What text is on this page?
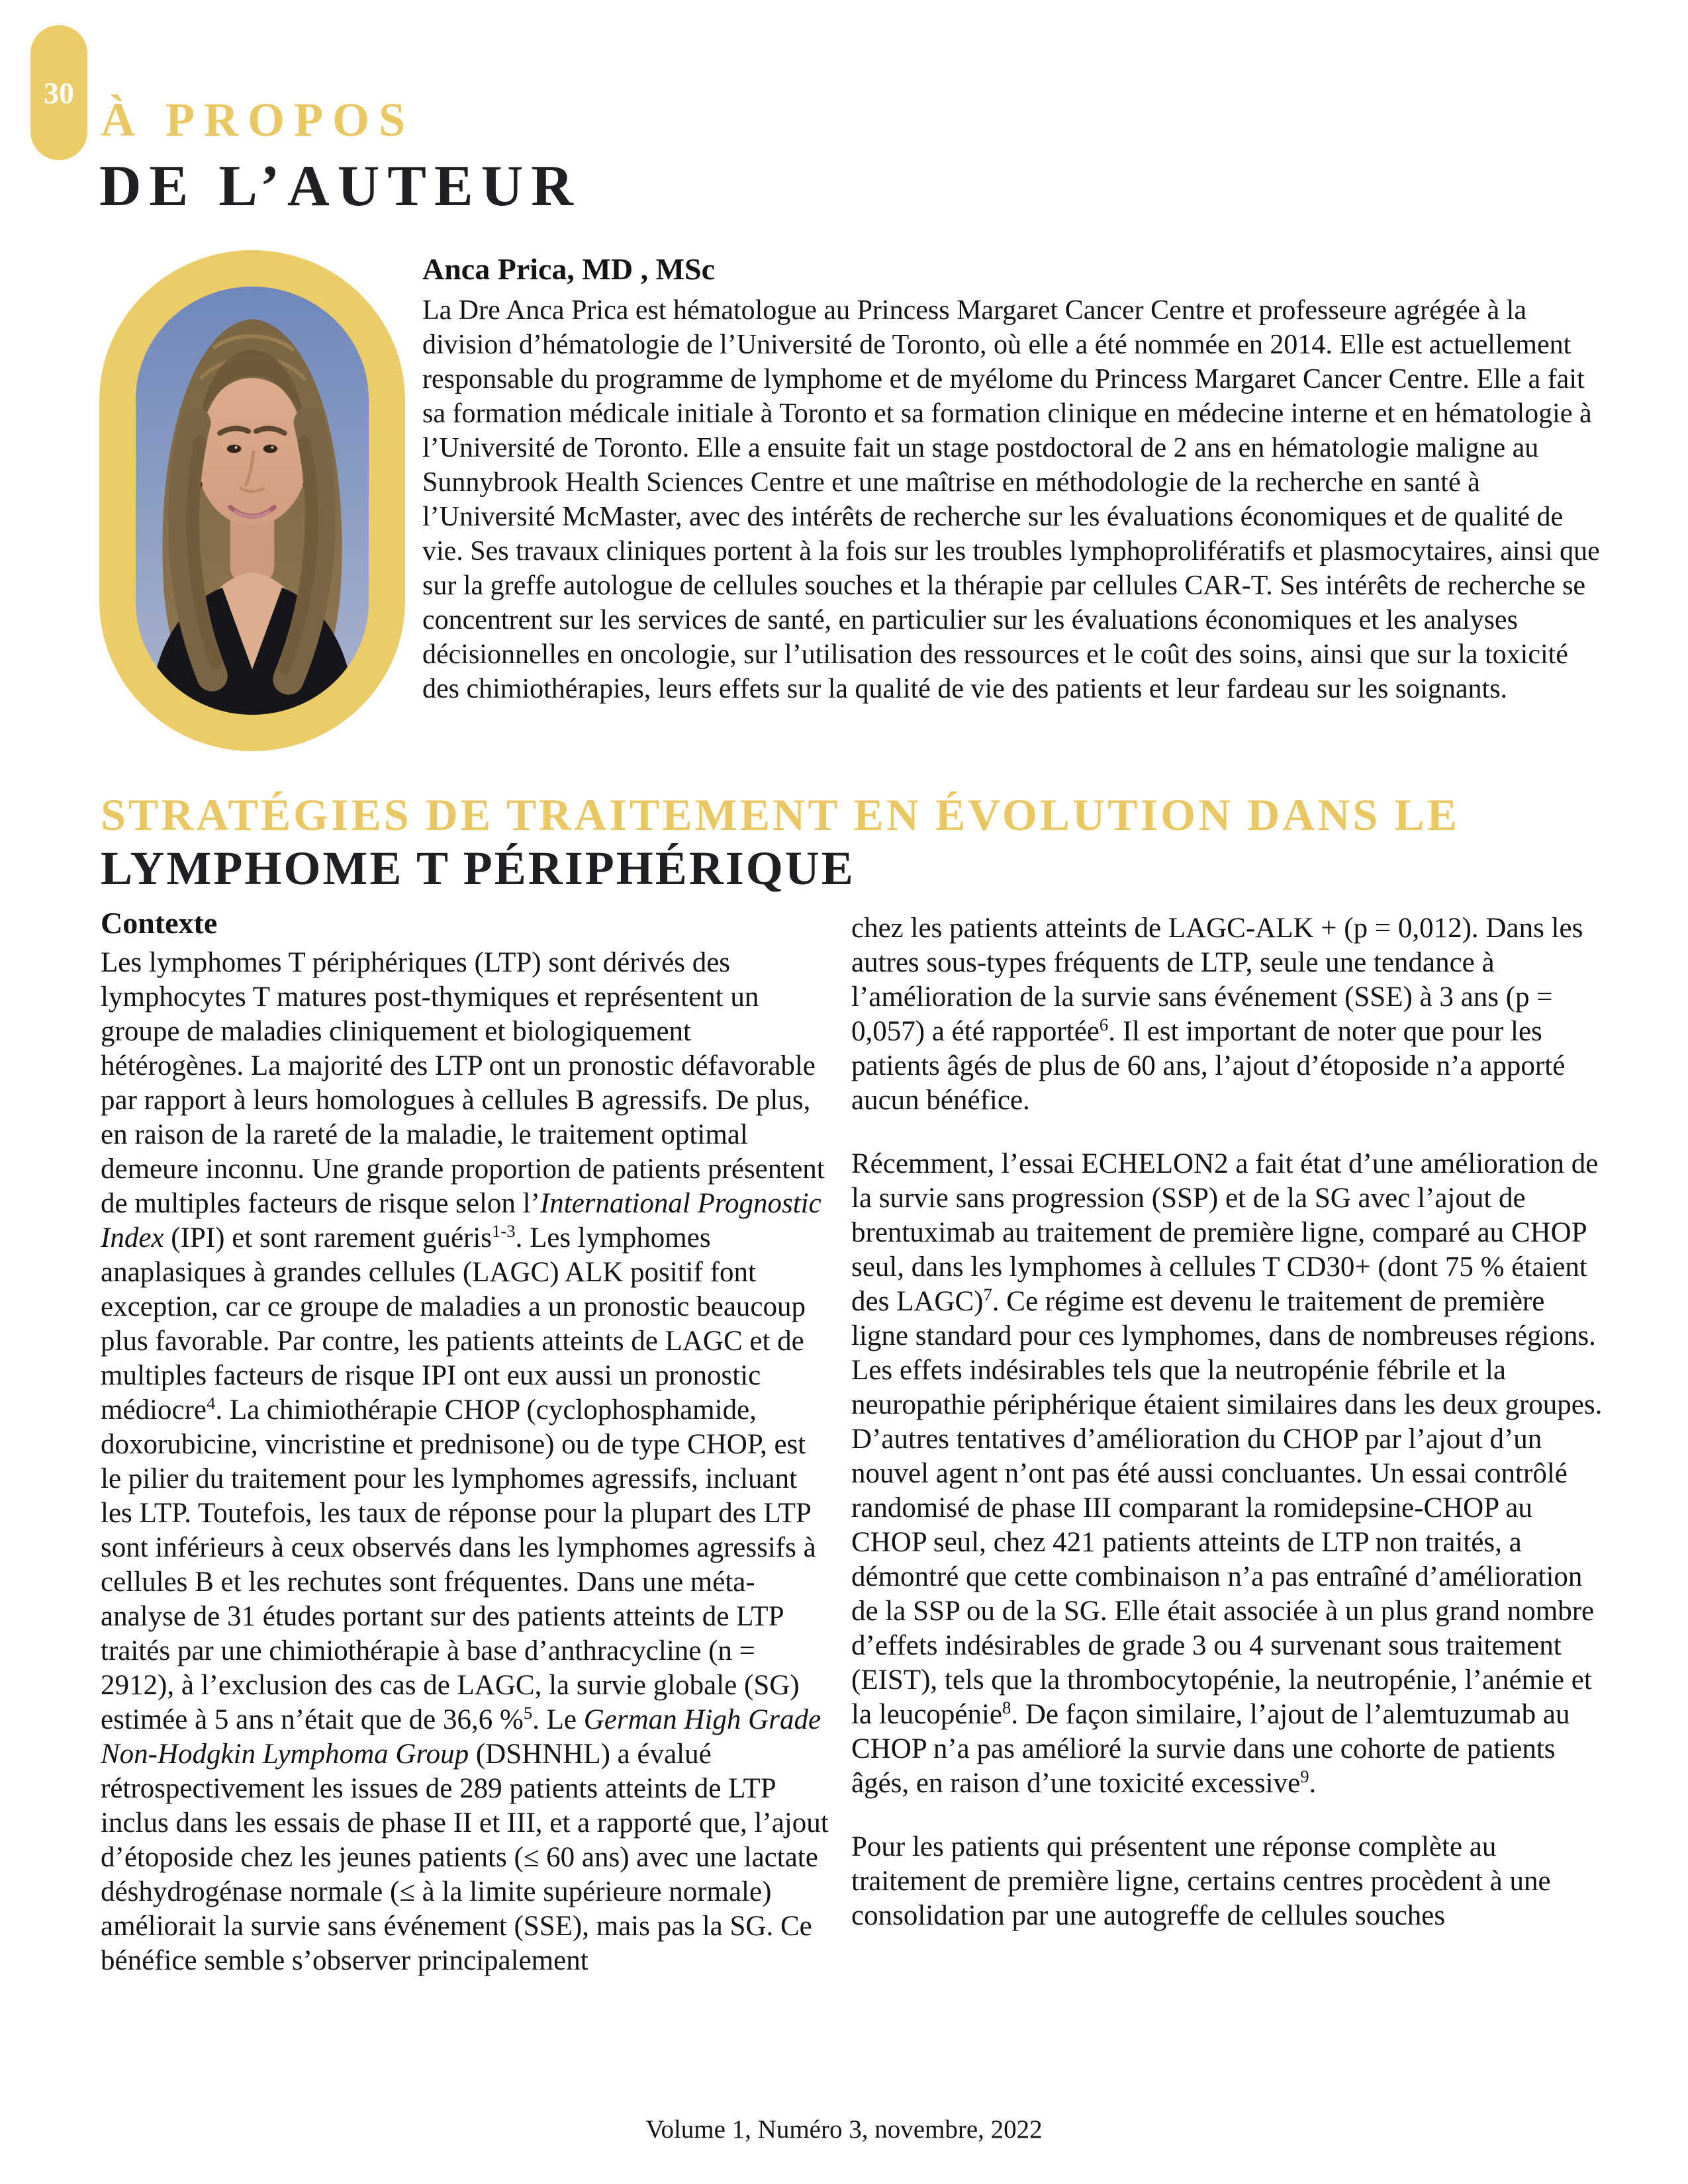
30
À PROPOS
DE L’AUTEUR
Anca Prica, MD , MSc
La Dre Anca Prica est hématologue au Princess Margaret Cancer Centre et professeure agrégée à la division d’hématologie de l’Université de Toronto, où elle a été nommée en 2014. Elle est actuellement responsable du programme de lymphome et de myélome du Princess Margaret Cancer Centre. Elle a fait sa formation médicale initiale à Toronto et sa formation clinique en médecine interne et en hématologie à l’Université de Toronto. Elle a ensuite fait un stage postdoctoral de 2 ans en hématologie maligne au Sunnybrook Health Sciences Centre et une maîtrise en méthodologie de la recherche en santé à l’Université McMaster, avec des intérêts de recherche sur les évaluations économiques et de qualité de vie. Ses travaux cliniques portent à la fois sur les troubles lymphoprolifératifs et plasmocytaires, ainsi que sur la greffe autologue de cellules souches et la thérapie par cellules CAR-T. Ses intérêts de recherche se concentrent sur les services de santé, en particulier sur les évaluations économiques et les analyses décisionnelles en oncologie, sur l’utilisation des ressources et le coût des soins, ainsi que sur la toxicité des chimiothérapies, leurs effets sur la qualité de vie des patients et leur fardeau sur les soignants.
STRATÉGIES DE TRAITEMENT EN ÉVOLUTION DANS LE
LYMPHOME T PÉRIPHÉRIQUE
Contexte

Les lymphomes T périphériques (LTP) sont dérivés des lymphocytes T matures post-thymiques et représentent un groupe de maladies cliniquement et biologiquement hétérogènes. La majorité des LTP ont un pronostic défavorable par rapport à leurs homologues à cellules B agressifs. De plus, en raison de la rareté de la maladie, le traitement optimal demeure inconnu. Une grande proportion de patients présentent de multiples facteurs de risque selon l’International Prognostic Index (IPI) et sont rarement guéris$^{1-3}$. Les lymphomes anaplasiques à grandes cellules (LAGC) ALK positif font exception, car ce groupe de maladies a un pronostic beaucoup plus favorable. Par contre, les patients atteints de LAGC et de multiples facteurs de risque IPI ont eux aussi un pronostic médiocre$^4$. La chimiothérapie CHOP (cyclophosphamide, doxorubicine, vincristine et prednisone) ou de type CHOP, est le pilier du traitement pour les lymphomes agressifs, incluant les LTP. Toutefois, les taux de réponse pour la plupart des LTP sont inférieurs à ceux observés dans les lymphomes agressifs à cellules B et les rechutes sont fréquentes. Dans une méta-analyse de 31 études portant sur des patients atteints de LTP traités par une chimiothérapie à base d’anthracycline (n = 2912), à l’exclusion des cas de LAGC, la survie globale (SG) estimée à 5 ans n’était que de 36,6 %$^5$. Le German High Grade Non-Hodgkin Lymphoma Group (DSHNHL) a évalué rétrospectivement les issues de 289 patients atteints de LTP inclus dans les essais de phase II et III, et a rapporté que, l’ajout d’étoposide chez les jeunes patients (≤ 60 ans) avec une lactate déshydrogénase normale (≤ à la limite supérieure normale) améliorait la survie sans événement (SSE), mais pas la SG. Ce bénéfice semble s’observer principalement

chez les patients atteints de LAGC-ALK + (p = 0,012). Dans les autres sous-types fréquents de LTP, seule une tendance à l’amélioration de la survie sans événement (SSE) à 3 ans (p = 0,057) a été rapportée$^6$. Il est important de noter que pour les patients âgés de plus de 60 ans, l’ajout d’étoposide n’a apporté aucun bénéfice.

Récemment, l’essai ECHELON2 a fait état d’une amélioration de la survie sans progression (SSP) et de la SG avec l’ajout de brentuximab au traitement de première ligne, comparé au CHOP seul, dans les lymphomes à cellules T CD30+ (dont 75 % étaient des LAGC)$^7$. Ce régime est devenu le traitement de première ligne standard pour ces lymphomes, dans de nombreuses régions. Les effets indésirables tels que la neutropénie fébrile et la neuropathie périphérique étaient similaires dans les deux groupes. D’autres tentatives d’amélioration du CHOP par l’ajout d’un nouvel agent n’ont pas été aussi concluantes. Un essai contrôlé randomisé de phase III comparant la romidepsine-CHOP au CHOP seul, chez 421 patients atteints de LTP non traités, a démontré que cette combinaison n’a pas entraîné d’amélioration de la SSP ou de la SG. Elle était associée à un plus grand nombre d’effets indésirables de grade 3 ou 4 survenant sous traitement (EIST), tels que la thrombocytopénie, la neutropénie, l’anémie et la leucopénie$^8$. De façon similaire, l’ajout de l’alemtuzumab au CHOP n’a pas amélioré la survie dans une cohorte de patients âgés, en raison d’une toxicité excessive$^9$.

Pour les patients qui présentent une réponse complète au traitement de première ligne, certains centres procèdent à une consolidation par une autogreffe de cellules souches

Volume 1, Numéro 3, novembre, 2022
